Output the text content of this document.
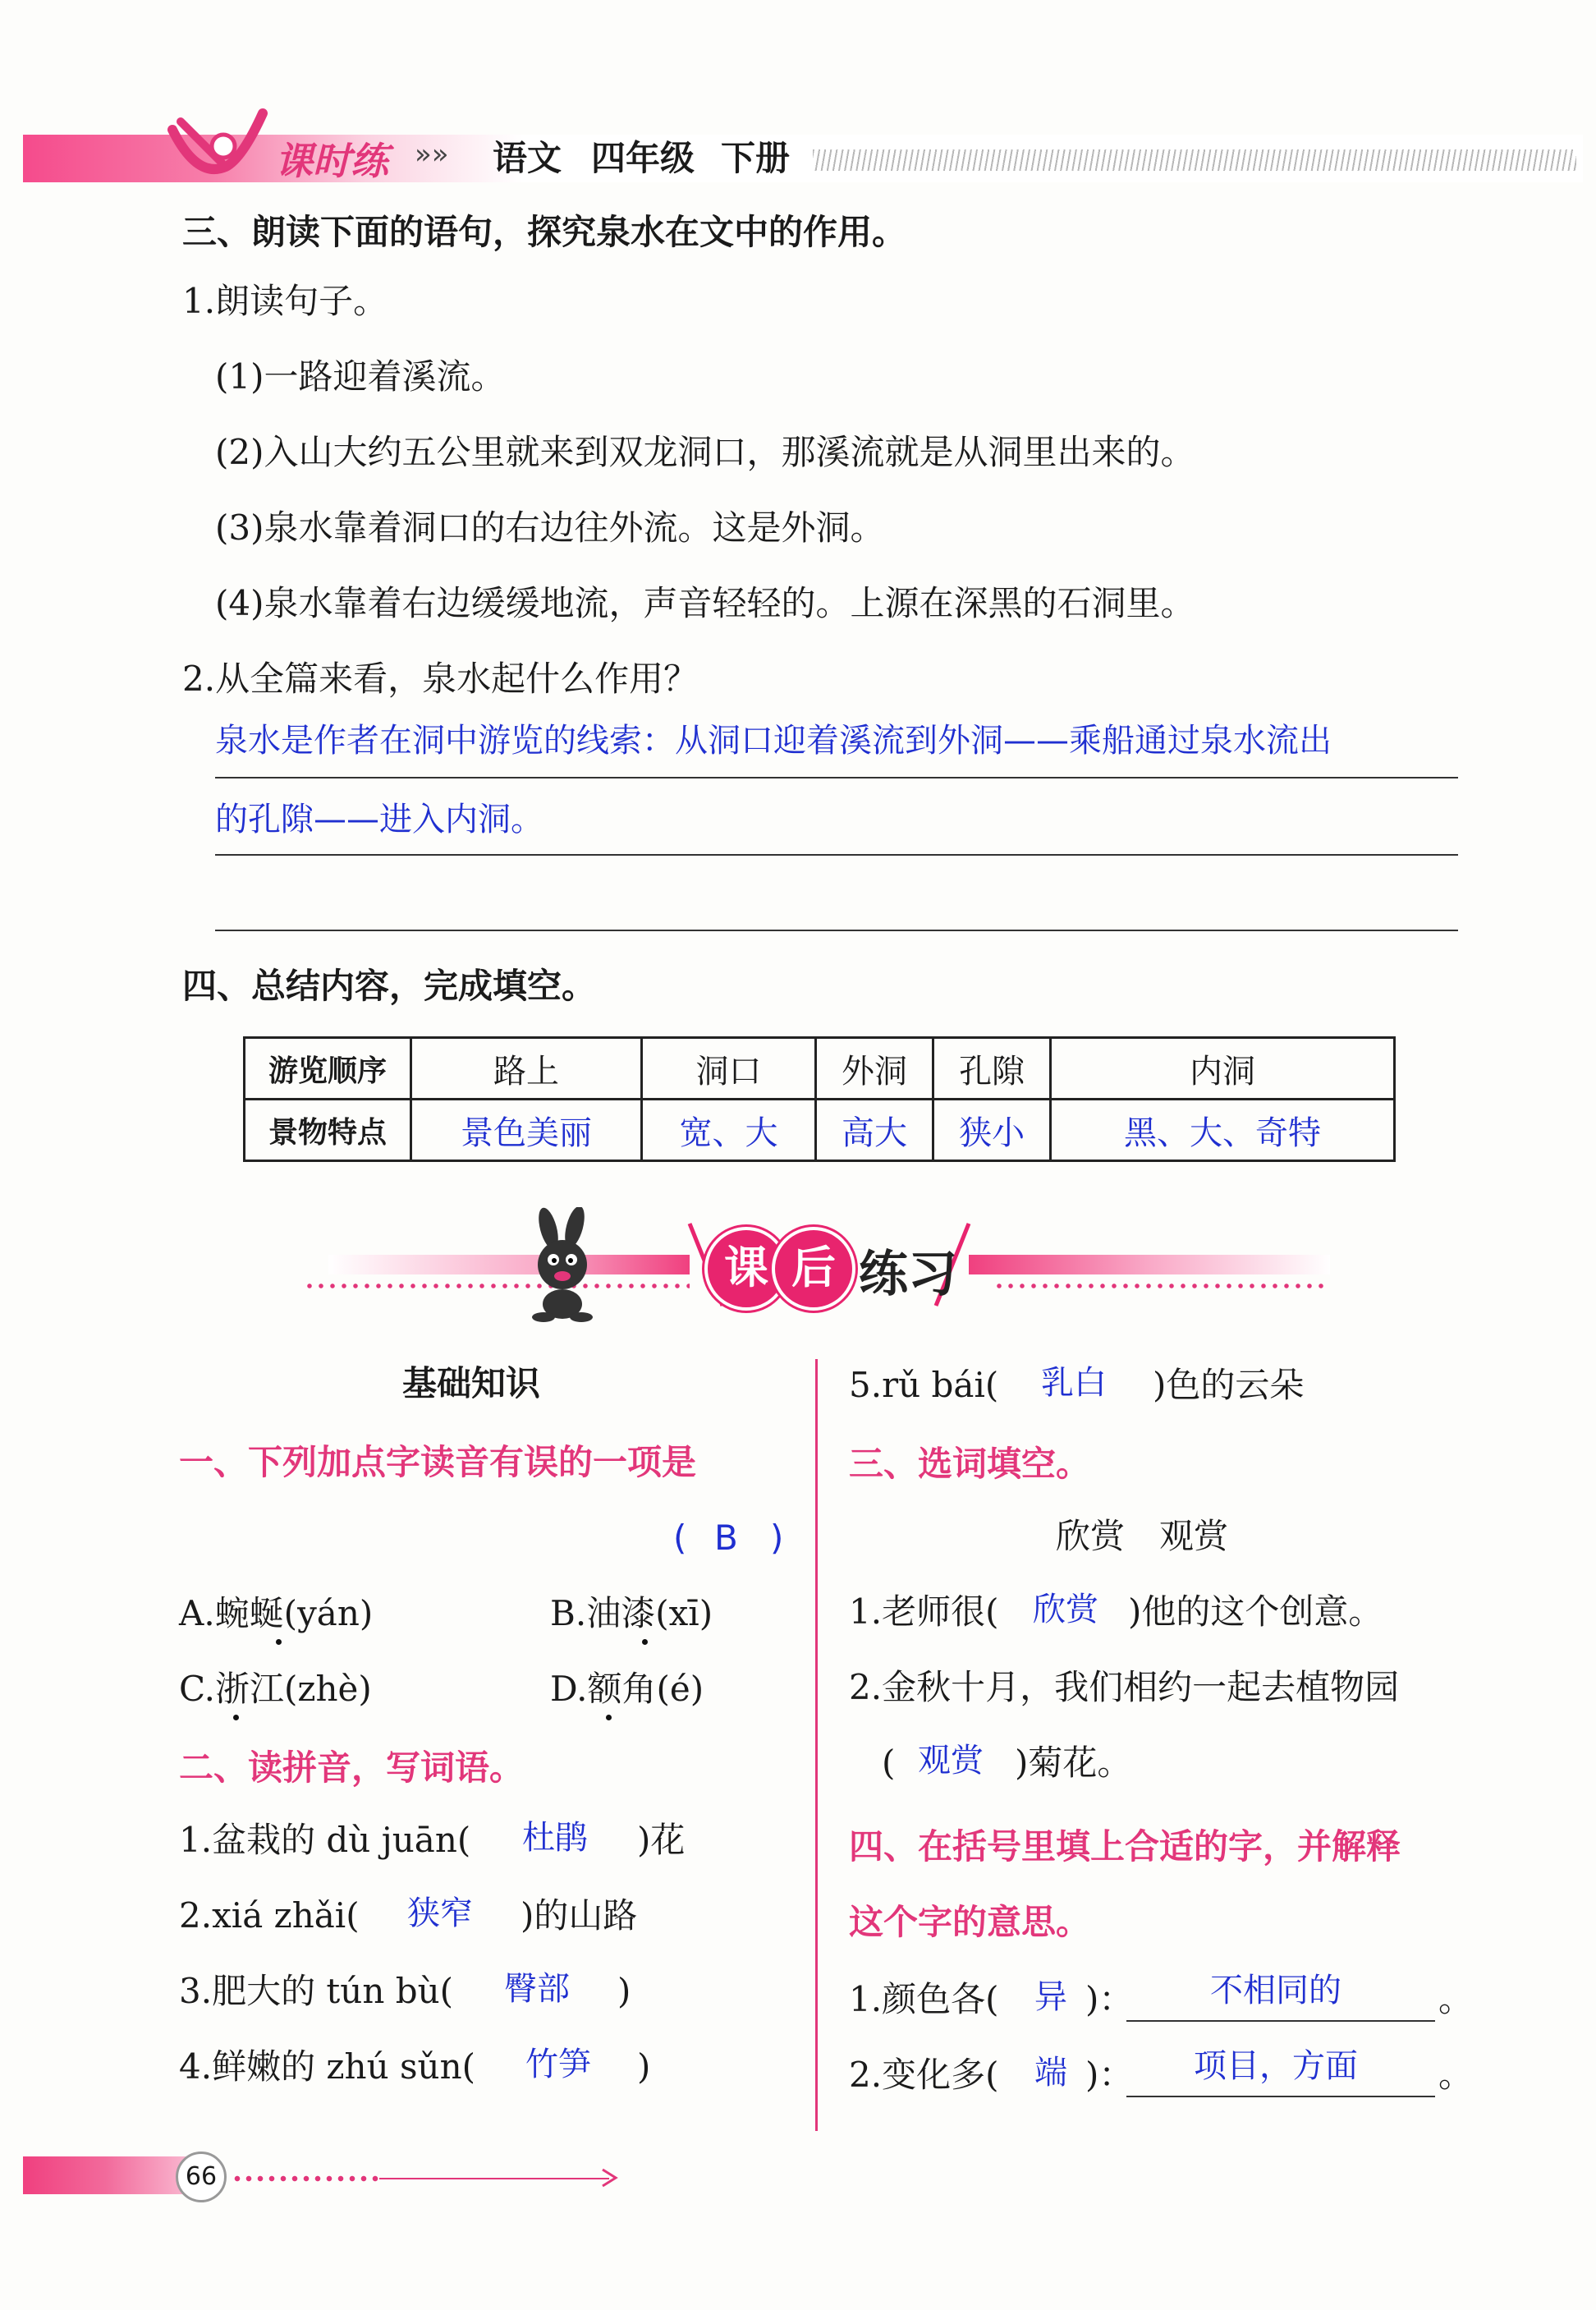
课时练 »» 语文 四年级 下册
三、朗读下面的语句，探究泉水在文中的作用。
1.朗读句子。
(1)一路迎着溪流。
(2)入山大约五公里就来到双龙洞口，那溪流就是从洞里出来的。
(3)泉水靠着洞口的右边往外流。这是外洞。
(4)泉水靠着右边缓缓地流，声音轻轻的。上源在深黑的石洞里。
2.从全篇来看，泉水起什么作用？
泉水是作者在洞中游览的线索：从洞口迎着溪流到外洞——乘船通过泉水流出
的孔隙——进入内洞。
四、总结内容，完成填空。
游览顺序	路上	洞口	外洞	孔隙	内洞
景物特点	景色美丽	宽、大	高大	狭小	黑、大、奇特
课 后 练习
基础知识
一、下列加点字读音有误的一项是
( B )
A.蜿蜒(yán)	B.油漆(xī)
C.浙江(zhè)	D.额角(é)
二、读拼音，写词语。
1.盆栽的 dù juān( 杜鹃 )花
2.xiá zhǎi( 狭窄 )的山路
3.肥大的 tún bù( 臀部 )
4.鲜嫩的 zhú sǔn( 竹笋 )
5.rǔ bái( 乳白 )色的云朵
三、选词填空。
欣赏　观赏
1.老师很( 欣赏 )他的这个创意。
2.金秋十月，我们相约一起去植物园
( 观赏 )菊花。
四、在括号里填上合适的字，并解释
这个字的意思。
1.颜色各( 异 )： 不相同的	。
2.变化多( 端 )： 项目，方面 。
66
